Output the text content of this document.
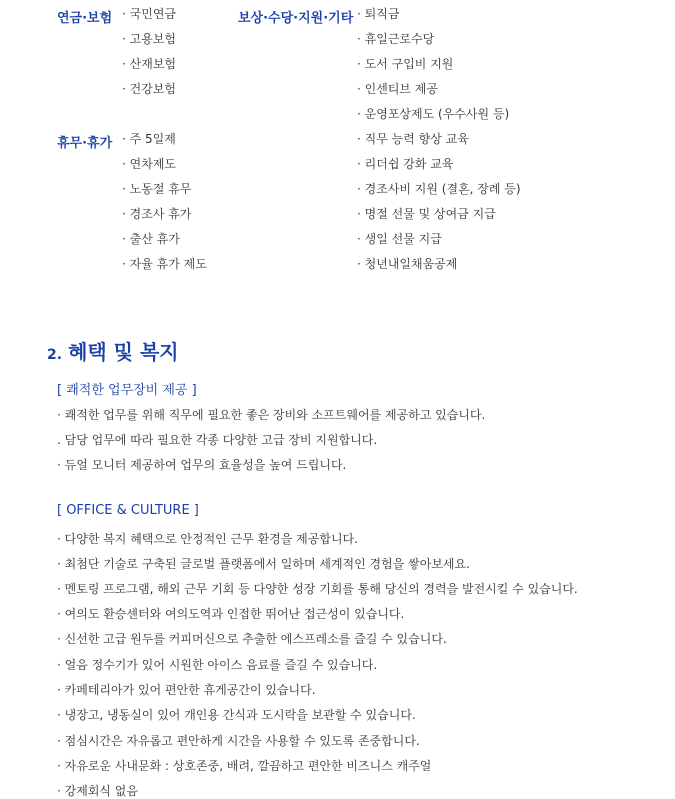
연금·보험 · 국민연금
· 고용보험
· 산재보험
· 건강보험
휴무·휴가 · 주 5일제
· 연차제도
· 노동절 휴무
· 경조사 휴가
· 출산 휴가
· 자율 휴가 제도
보상·수당·지원·기타 · 퇴직금
· 휴일근로수당
· 도서 구입비 지원
· 인센티브 제공
· 운영포상제도 (우수사원 등)
· 직무 능력 향상 교육
· 리더쉽 강화 교육
· 경조사비 지원 (결혼, 장례 등)
· 명절 선물 및 상여금 지급
· 생일 선물 지급
· 청년내일채움공제
2. 혜택 및 복지
[ 쾌적한 업무장비 제공 ]
· 쾌적한 업무를 위해 직무에 필요한 좋은 장비와 소프트웨어를 제공하고 있습니다.
. 담당 업무에 따라 필요한 각종 다양한 고급 장비 지원합니다.
· 듀얼 모니터 제공하여 업무의 효율성을 높여 드립니다.
[ OFFICE & CULTURE ]
· 다양한 복지 혜택으로 안정적인 근무 환경을 제공합니다.
· 최첨단 기술로 구축된 글로벌 플랫폼에서 일하며 세계적인 경험을 쌓아보세요.
· 멘토링 프로그램, 해외 근무 기회 등 다양한 성장 기회를 통해 당신의 경력을 발전시킬 수 있습니다.
· 여의도 환승센터와 여의도역과 인접한 뛰어난 접근성이 있습니다.
· 신선한 고급 원두를 커피머신으로 추출한 에스프레소를 즐길 수 있습니다.
· 얼음 정수기가 있어 시원한 아이스 음료를 즐길 수 있습니다.
· 카페테리아가 있어 편안한 휴게공간이 있습니다.
· 냉장고, 냉동실이 있어 개인용 간식과 도시락을 보관할 수 있습니다.
· 점심시간은 자유롭고 편안하게 시간을 사용할 수 있도록 존중합니다.
· 자유로운 사내문화 : 상호존중, 배려, 깔끔하고 편안한 비즈니스 캐주얼
· 강제회식 없음
